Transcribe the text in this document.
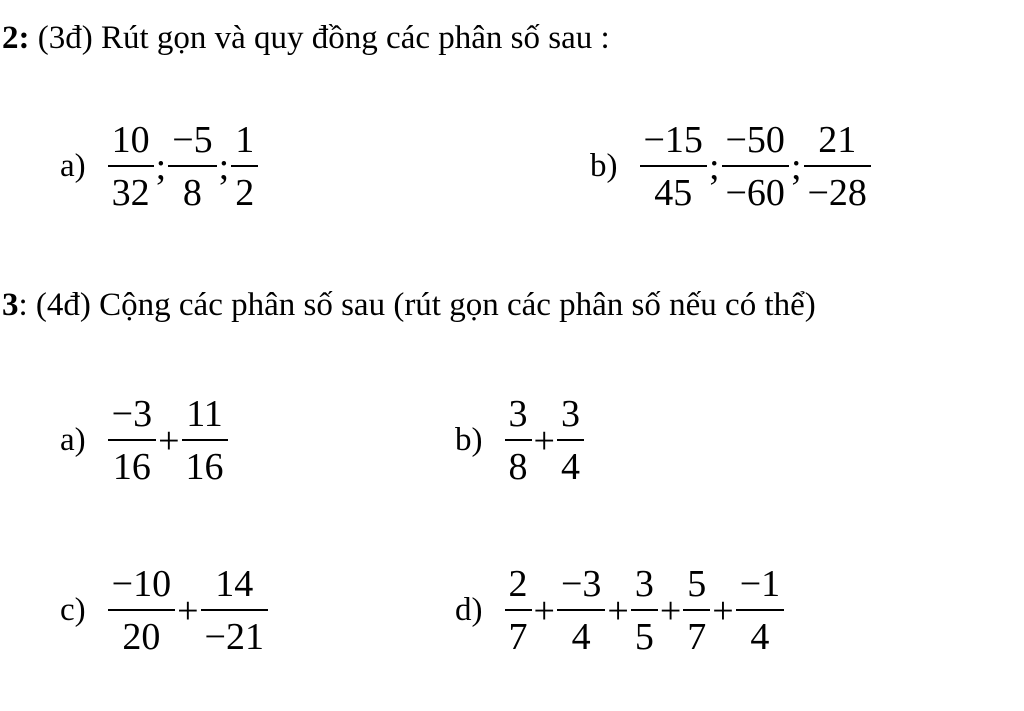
2: (3đ) Rút gọn và quy đồng các phân số sau :
$a) \frac{10}{32}$ ; $\frac{-5}{8}$ ; $\frac{1}{2}$	$b) \frac{-15}{45}$ ; $\frac{-50}{-60}$ ; $\frac{21}{-28}$
3: (4đ) Cộng các phân số sau (rút gọn các phân số nếu có thể)
$a) \frac{-3}{16} + \frac{11}{16}$	$b) \frac{3}{8} + \frac{3}{4}$
$c) \frac{-10}{20} + \frac{14}{-21}$	$d) \frac{2}{7} + \frac{-3}{4} + \frac{3}{5} + \frac{5}{7} + \frac{-1}{4}$
